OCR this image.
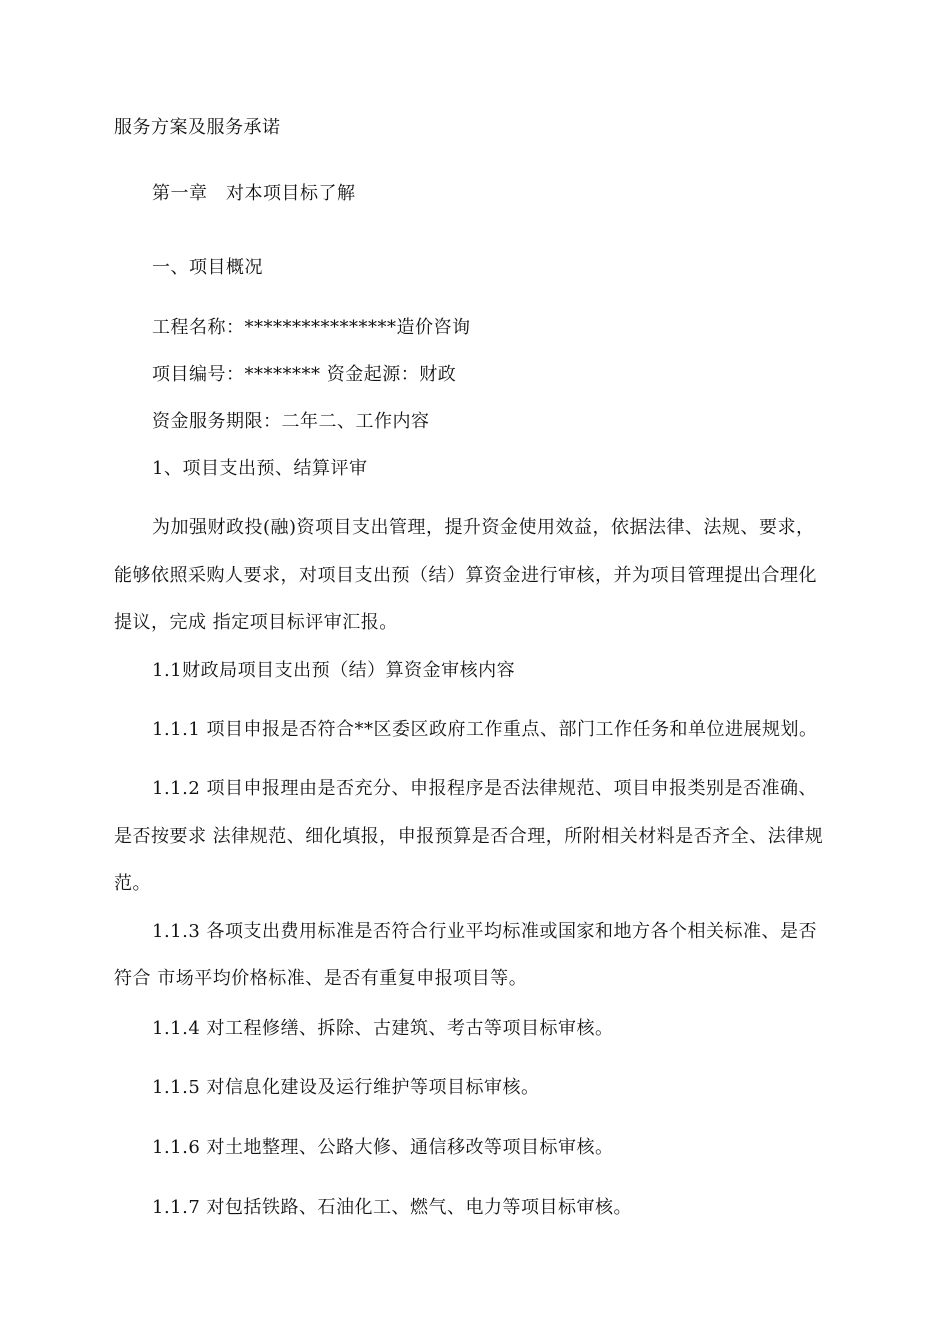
服务方案及服务承诺
第一章　对本项目标了解
一、项目概况
工程名称：****************造价咨询
项目编号：******** 资金起源：财政
资金服务期限：二年二、工作内容
1、项目支出预、结算评审
为加强财政投(融)资项目支出管理，提升资金使用效益，依据法律、法规、要求，
能够依照采购人要求，对项目支出预（结）算资金进行审核，并为项目管理提出合理化
提议，完成 指定项目标评审汇报。
1.1财政局项目支出预（结）算资金审核内容
1.1.1 项目申报是否符合**区委区政府工作重点、部门工作任务和单位进展规划。
1.1.2 项目申报理由是否充分、申报程序是否法律规范、项目申报类别是否准确、
是否按要求 法律规范、细化填报，申报预算是否合理，所附相关材料是否齐全、法律规
范。
1.1.3 各项支出费用标准是否符合行业平均标准或国家和地方各个相关标准、是否
符合 市场平均价格标准、是否有重复申报项目等。
1.1.4 对工程修缮、拆除、古建筑、考古等项目标审核。
1.1.5 对信息化建设及运行维护等项目标审核。
1.1.6 对土地整理、公路大修、通信移改等项目标审核。
1.1.7 对包括铁路、石油化工、燃气、电力等项目标审核。
